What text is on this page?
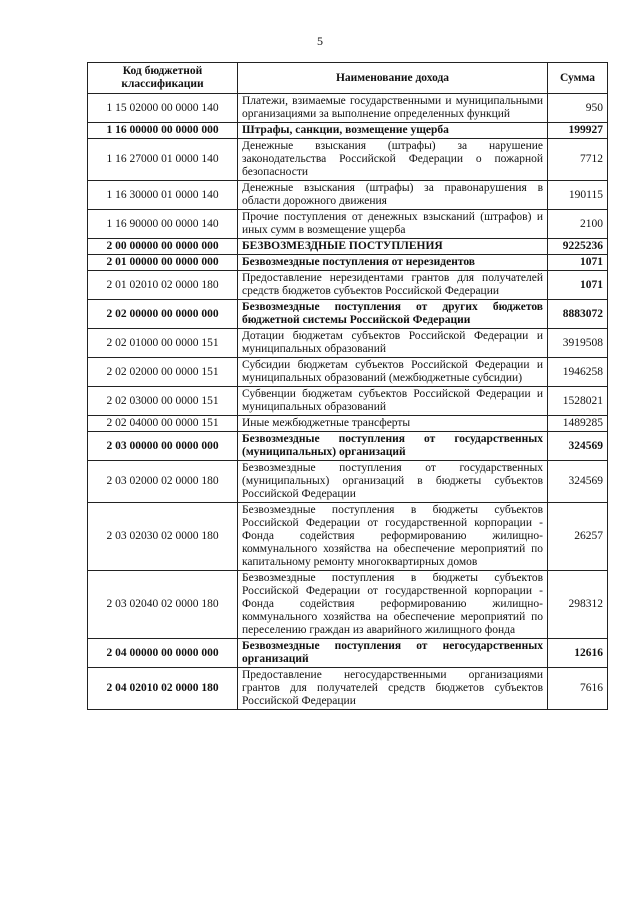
5
Код бюджетной классификации	Наименование дохода	Сумма
1 15 02000 00 0000 140	Платежи, взимаемые государственными и муниципальными организациями за выполнение определенных функций	950
1 16 00000 00 0000 000	Штрафы, санкции, возмещение ущерба	199927
1 16 27000 01 0000 140	Денежные взыскания (штрафы) за нарушение законодательства Российской Федерации о пожарной безопасности	7712
1 16 30000 01 0000 140	Денежные взыскания (штрафы) за правонарушения в области дорожного движения	190115
1 16 90000 00 0000 140	Прочие поступления от денежных взысканий (штрафов) и иных сумм в возмещение ущерба	2100
2 00 00000 00 0000 000	БЕЗВОЗМЕЗДНЫЕ ПОСТУПЛЕНИЯ	9225236
2 01 00000 00 0000 000	Безвозмездные поступления от нерезидентов	1071
2 01 02010 02 0000 180	Предоставление нерезидентами грантов для получателей средств бюджетов субъектов Российской Федерации	1071
2 02 00000 00 0000 000	Безвозмездные поступления от других бюджетов бюджетной системы Российской Федерации	8883072
2 02 01000 00 0000 151	Дотации бюджетам субъектов Российской Федерации и муниципальных образований	3919508
2 02 02000 00 0000 151	Субсидии бюджетам субъектов Российской Федерации и муниципальных образований (межбюджетные субсидии)	1946258
2 02 03000 00 0000 151	Субвенции бюджетам субъектов Российской Федерации и муниципальных образований	1528021
2 02 04000 00 0000 151	Иные межбюджетные трансферты	1489285
2 03 00000 00 0000 000	Безвозмездные поступления от государственных (муниципальных) организаций	324569
2 03 02000 02 0000 180	Безвозмездные поступления от государственных (муниципальных) организаций в бюджеты субъектов Российской Федерации	324569
2 03 02030 02 0000 180	Безвозмездные поступления в бюджеты субъектов Российской Федерации от государственной корпорации - Фонда содействия реформированию жилищно-коммунального хозяйства на обеспечение мероприятий по капитальному ремонту многоквартирных домов	26257
2 03 02040 02 0000 180	Безвозмездные поступления в бюджеты субъектов Российской Федерации от государственной корпорации - Фонда содействия реформированию жилищно-коммунального хозяйства на обеспечение мероприятий по переселению граждан из аварийного жилищного фонда	298312
2 04 00000 00 0000 000	Безвозмездные поступления от негосударственных организаций	12616
2 04 02010 02 0000 180	Предоставление негосударственными организациями грантов для получателей средств бюджетов субъектов Российской Федерации	7616
